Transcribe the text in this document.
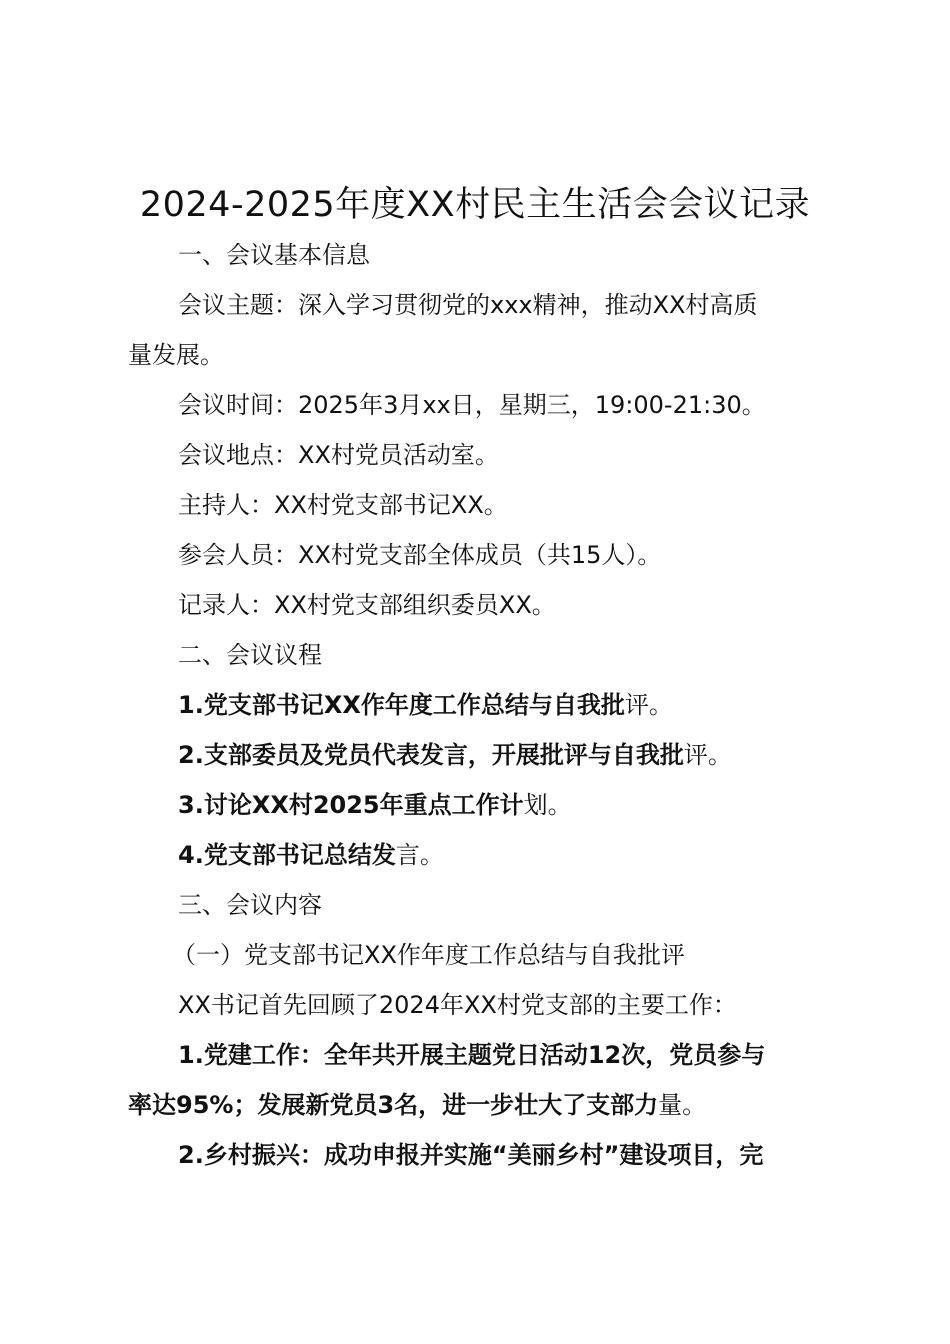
2024-2025年度XX村民主生活会会议记录

一、会议基本信息

会议主题：深入学习贯彻党的xxx精神，推动XX村高质

量发展。

会议时间：2025年3月xx日，星期三，19:00-21:30。

会议地点：XX村党员活动室。

主持人：XX村党支部书记XX。

参会人员：XX村党支部全体成员（共15人）。

记录人：XX村党支部组织委员XX。

二、会议议程

1.党支部书记XX作年度工作总结与自我批评。

2.支部委员及党员代表发言，开展批评与自我批评。

3.讨论XX村2025年重点工作计划。

4.党支部书记总结发言。

三、会议内容

（一）党支部书记XX作年度工作总结与自我批评

XX书记首先回顾了2024年XX村党支部的主要工作：

1.党建工作：全年共开展主题党日活动12次，党员参与

率达95%；发展新党员3名，进一步壮大了支部力量。

2.乡村振兴：成功申报并实施“美丽乡村”建设项目，完
